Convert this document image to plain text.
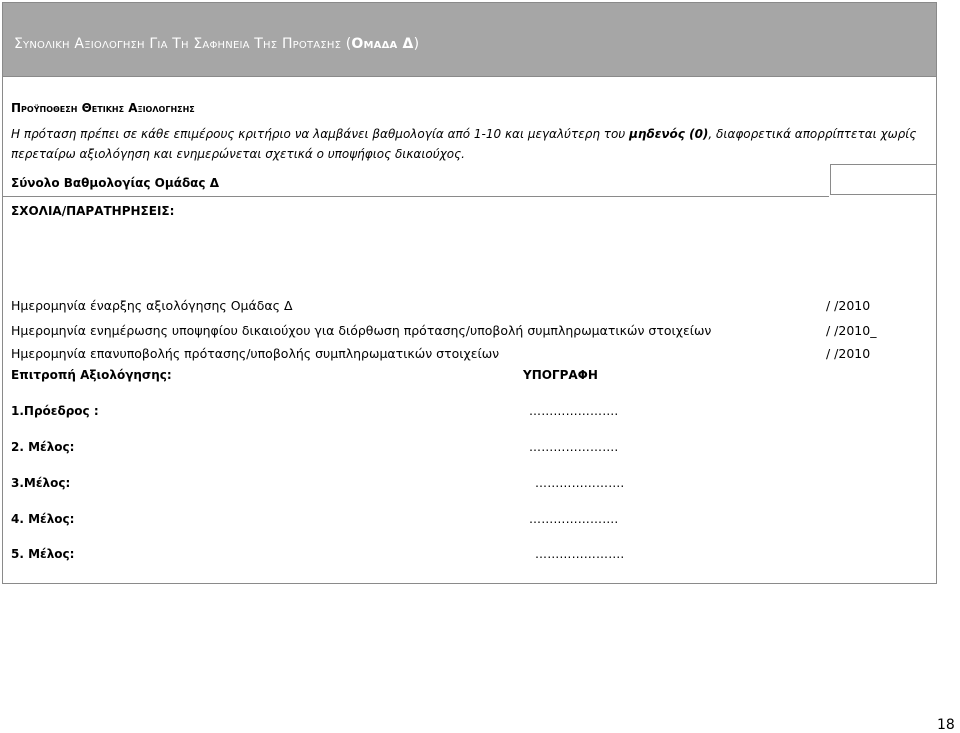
Συνολικη Αξιολογηση Για Τη Σαφηνεια Της Προτασης (Ομαδα Δ)
Προϋποθεση Θετικης Αξιολογησης
Η πρόταση πρέπει σε κάθε επιμέρους κριτήριο να λαμβάνει βαθμολογία από 1-10 και μεγαλύτερη του μηδενός (0), διαφορετικά απορρίπτεται χωρίς περεταίρω αξιολόγηση και ενημερώνεται σχετικά ο υποψήφιος δικαιούχος.
Σύνολο Βαθμολογίας Ομάδας Δ
ΣΧΟΛΙΑ/ΠΑΡΑΤΗΡΗΣΕΙΣ:
Ημερομηνία έναρξης αξιολόγησης Ομάδας Δ	/ /2010
Ημερομηνία ενημέρωσης υποψηφίου δικαιούχου για διόρθωση πρότασης/υποβολή συμπληρωματικών στοιχείων	/ /2010_
Ημερομηνία επανυποβολής πρότασης/υποβολής συμπληρωματικών στοιχείων	/ /2010
Επιτροπή Αξιολόγησης:	ΥΠΟΓΡΑΦΗ
1.Πρόεδρος :	………………….
2. Μέλος:	………………….
3.Μέλος:	………………….
4. Μέλος:	………………….
5. Μέλος:	………………….
18
